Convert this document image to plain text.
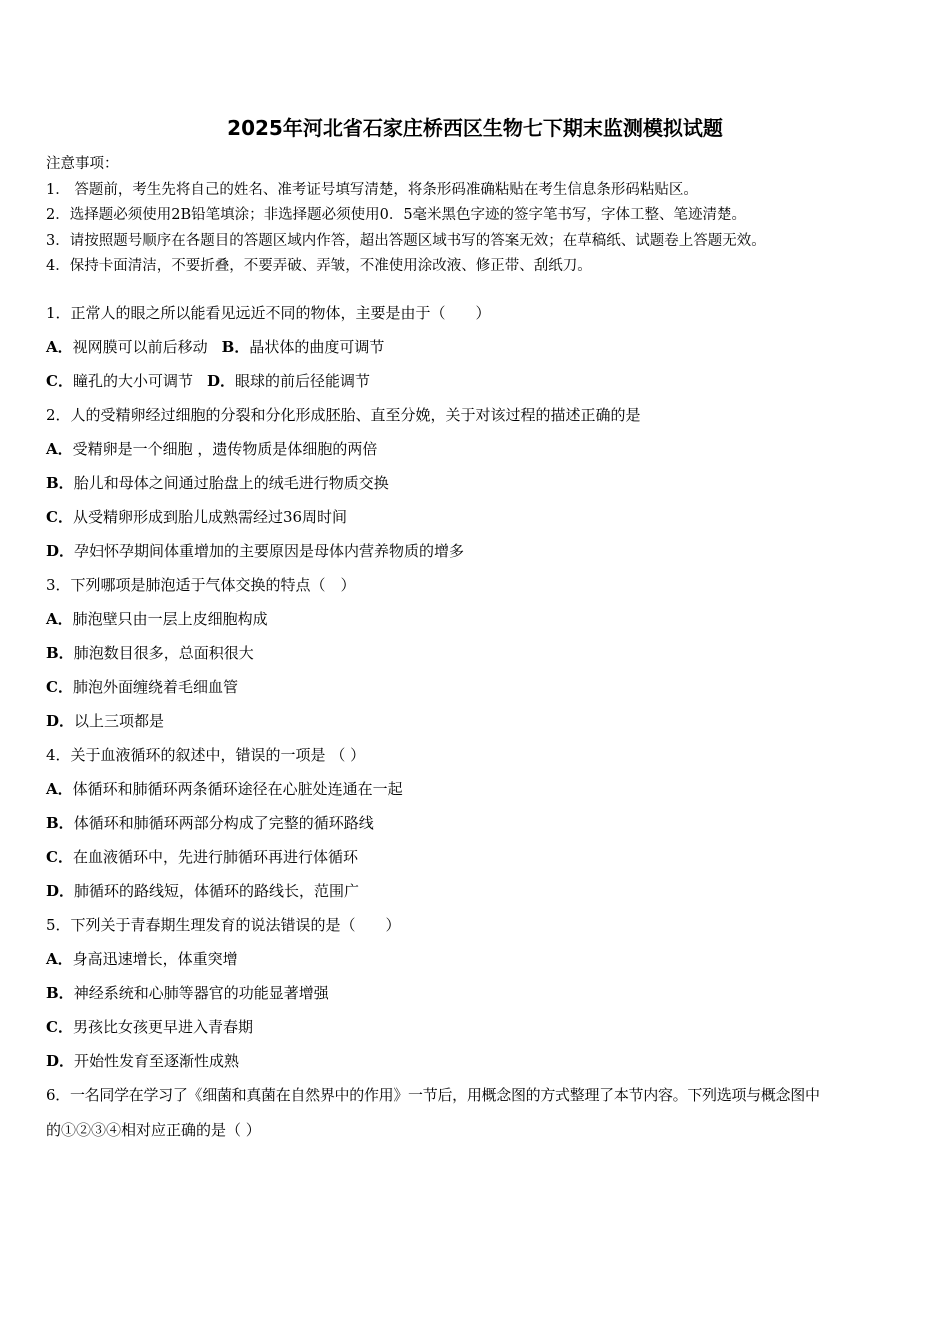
2025年河北省石家庄桥西区生物七下期末监测模拟试题
注意事项：
1． 答题前，考生先将自己的姓名、准考证号填写清楚，将条形码准确粘贴在考生信息条形码粘贴区。
2．选择题必须使用2B铅笔填涂；非选择题必须使用0．5毫米黑色字迹的签字笔书写，字体工整、笔迹清楚。
3．请按照题号顺序在各题目的答题区域内作答，超出答题区域书写的答案无效；在草稿纸、试题卷上答题无效。
4．保持卡面清洁，不要折叠，不要弄破、弄皱，不准使用涂改液、修正带、刮纸刀。
1．正常人的眼之所以能看见远近不同的物体，主要是由于（　　）
A．视网膜可以前后移动 B．晶状体的曲度可调节
C．瞳孔的大小可调节 D．眼球的前后径能调节
2．人的受精卵经过细胞的分裂和分化形成胚胎、直至分娩，关于对该过程的描述正确的是
A．受精卵是一个细胞 ，遗传物质是体细胞的两倍
B．胎儿和母体之间通过胎盘上的绒毛进行物质交换
C．从受精卵形成到胎儿成熟需经过36周时间
D．孕妇怀孕期间体重增加的主要原因是母体内营养物质的增多
3．下列哪项是肺泡适于气体交换的特点（　）
A．肺泡壁只由一层上皮细胞构成
B．肺泡数目很多，总面积很大
C．肺泡外面缠绕着毛细血管
D．以上三项都是
4．关于血液循环的叙述中，错误的一项是 （ ）
A．体循环和肺循环两条循环途径在心脏处连通在一起
B．体循环和肺循环两部分构成了完整的循环路线
C．在血液循环中，先进行肺循环再进行体循环
D．肺循环的路线短，体循环的路线长，范围广
5．下列关于青春期生理发育的说法错误的是（　　）
A．身高迅速增长，体重突增
B．神经系统和心肺等器官的功能显著增强
C．男孩比女孩更早进入青春期
D．开始性发育至逐渐性成熟
6．一名同学在学习了《细菌和真菌在自然界中的作用》一节后，用概念图的方式整理了本节内容。下列选项与概念图中
的①②③④相对应正确的是（ ）
